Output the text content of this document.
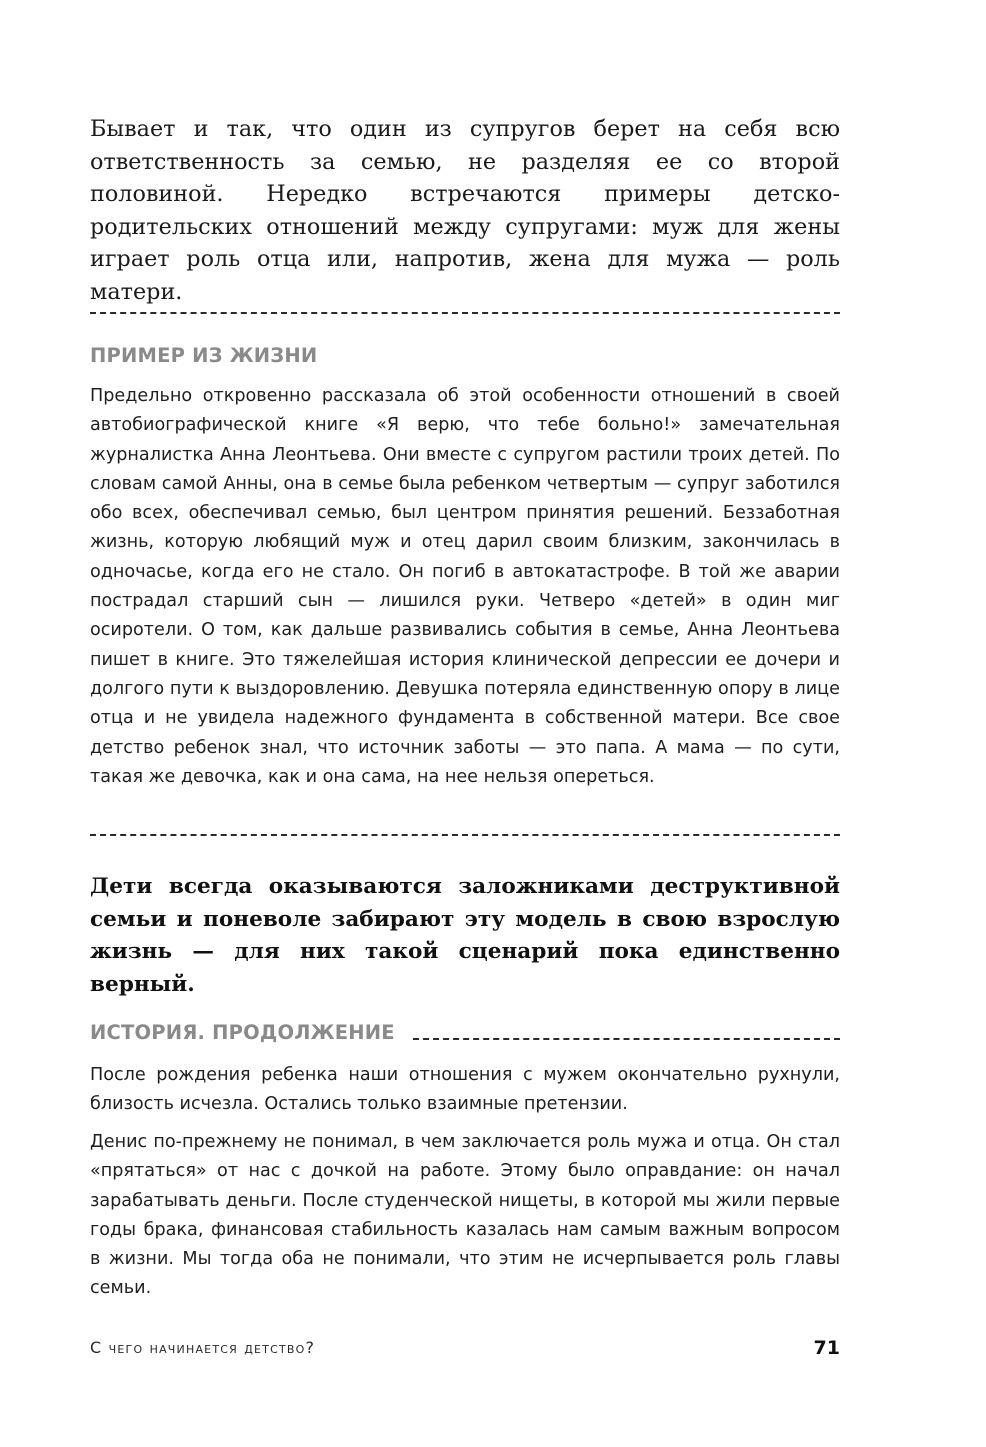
Бывает и так, что один из супругов берет на себя всю ответственность за семью, не разделяя ее со второй половиной. Нередко встречаются примеры детско-родительских отношений между супругами: муж для жены играет роль отца или, напротив, жена для мужа — роль матери.

ПРИМЕР ИЗ ЖИЗНИ

Предельно откровенно рассказала об этой особенности отношений в своей автобиографической книге «Я верю, что тебе больно!» замечательная журналистка Анна Леонтьева. Они вместе с супругом растили троих детей. По словам самой Анны, она в семье была ребенком четвертым — супруг заботился обо всех, обеспечивал семью, был центром принятия решений. Беззаботная жизнь, которую любящий муж и отец дарил своим близким, закончилась в одночасье, когда его не стало. Он погиб в автокатастрофе. В той же аварии пострадал старший сын — лишился руки. Четверо «детей» в один миг осиротели. О том, как дальше развивались события в семье, Анна Леонтьева пишет в книге. Это тяжелейшая история клинической депрессии ее дочери и долгого пути к выздоровлению. Девушка потеряла единственную опору в лице отца и не увидела надежного фундамента в собственной матери. Все свое детство ребенок знал, что источник заботы — это папа. А мама — по сути, такая же девочка, как и она сама, на нее нельзя опереться.

Дети всегда оказываются заложниками деструктивной семьи и поневоле забирают эту модель в свою взрослую жизнь — для них такой сценарий пока единственно верный.

ИСТОРИЯ. ПРОДОЛЖЕНИЕ

После рождения ребенка наши отношения с мужем окончательно рухнули, близость исчезла. Остались только взаимные претензии.

Денис по-прежнему не понимал, в чем заключается роль мужа и отца. Он стал «прятаться» от нас с дочкой на работе. Этому было оправдание: он начал зарабатывать деньги. После студенческой нищеты, в которой мы жили первые годы брака, финансовая стабильность казалась нам самым важным вопросом в жизни. Мы тогда оба не понимали, что этим не исчерпывается роль главы семьи.

С чего начинается детство?	71
